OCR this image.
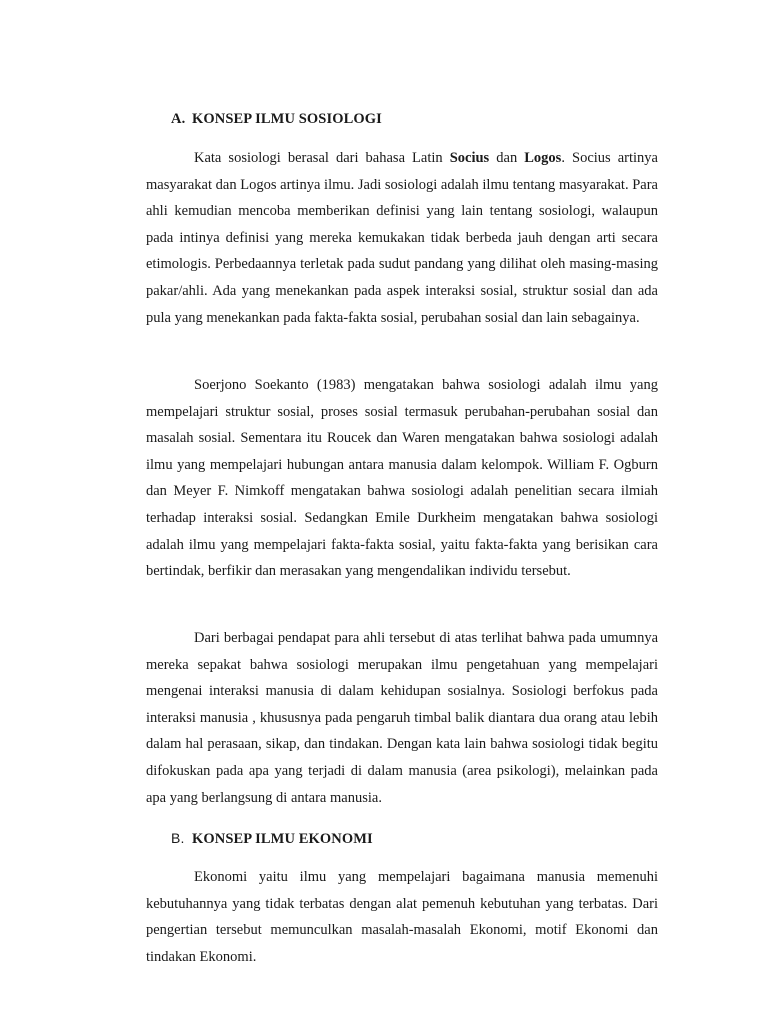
A. KONSEP ILMU SOSIOLOGI

Kata sosiologi berasal dari bahasa Latin Socius dan Logos. Socius artinya masyarakat dan Logos artinya ilmu. Jadi sosiologi adalah ilmu tentang masyarakat. Para ahli kemudian mencoba memberikan definisi yang lain tentang sosiologi, walaupun pada intinya definisi yang mereka kemukakan tidak berbeda jauh dengan arti secara etimologis. Perbedaannya terletak pada sudut pandang yang dilihat oleh masing-masing pakar/ahli. Ada yang menekankan pada aspek interaksi sosial, struktur sosial dan ada pula yang menekankan pada fakta-fakta sosial, perubahan sosial dan lain sebagainya.

Soerjono Soekanto (1983) mengatakan bahwa sosiologi adalah ilmu yang mempelajari struktur sosial, proses sosial termasuk perubahan-perubahan sosial dan masalah sosial. Sementara itu Roucek dan Waren mengatakan bahwa sosiologi adalah ilmu yang mempelajari hubungan antara manusia dalam kelompok. William F. Ogburn dan Meyer F. Nimkoff mengatakan bahwa sosiologi adalah penelitian secara ilmiah terhadap interaksi sosial. Sedangkan Emile Durkheim mengatakan bahwa sosiologi adalah ilmu yang mempelajari fakta-fakta sosial, yaitu fakta-fakta yang berisikan cara bertindak, berfikir dan merasakan yang mengendalikan individu tersebut.

Dari berbagai pendapat para ahli tersebut di atas terlihat bahwa pada umumnya mereka sepakat bahwa sosiologi merupakan ilmu pengetahuan yang mempelajari mengenai interaksi manusia di dalam kehidupan sosialnya. Sosiologi berfokus pada interaksi manusia , khususnya pada pengaruh timbal balik diantara dua orang atau lebih dalam hal perasaan, sikap, dan tindakan. Dengan kata lain bahwa sosiologi tidak begitu difokuskan pada apa yang terjadi di dalam manusia (area psikologi), melainkan pada apa yang berlangsung di antara manusia.

B. KONSEP ILMU EKONOMI

Ekonomi yaitu ilmu yang mempelajari bagaimana manusia memenuhi kebutuhannya yang tidak terbatas dengan alat pemenuh kebutuhan yang terbatas. Dari pengertian tersebut memunculkan masalah-masalah Ekonomi, motif Ekonomi dan tindakan Ekonomi.
